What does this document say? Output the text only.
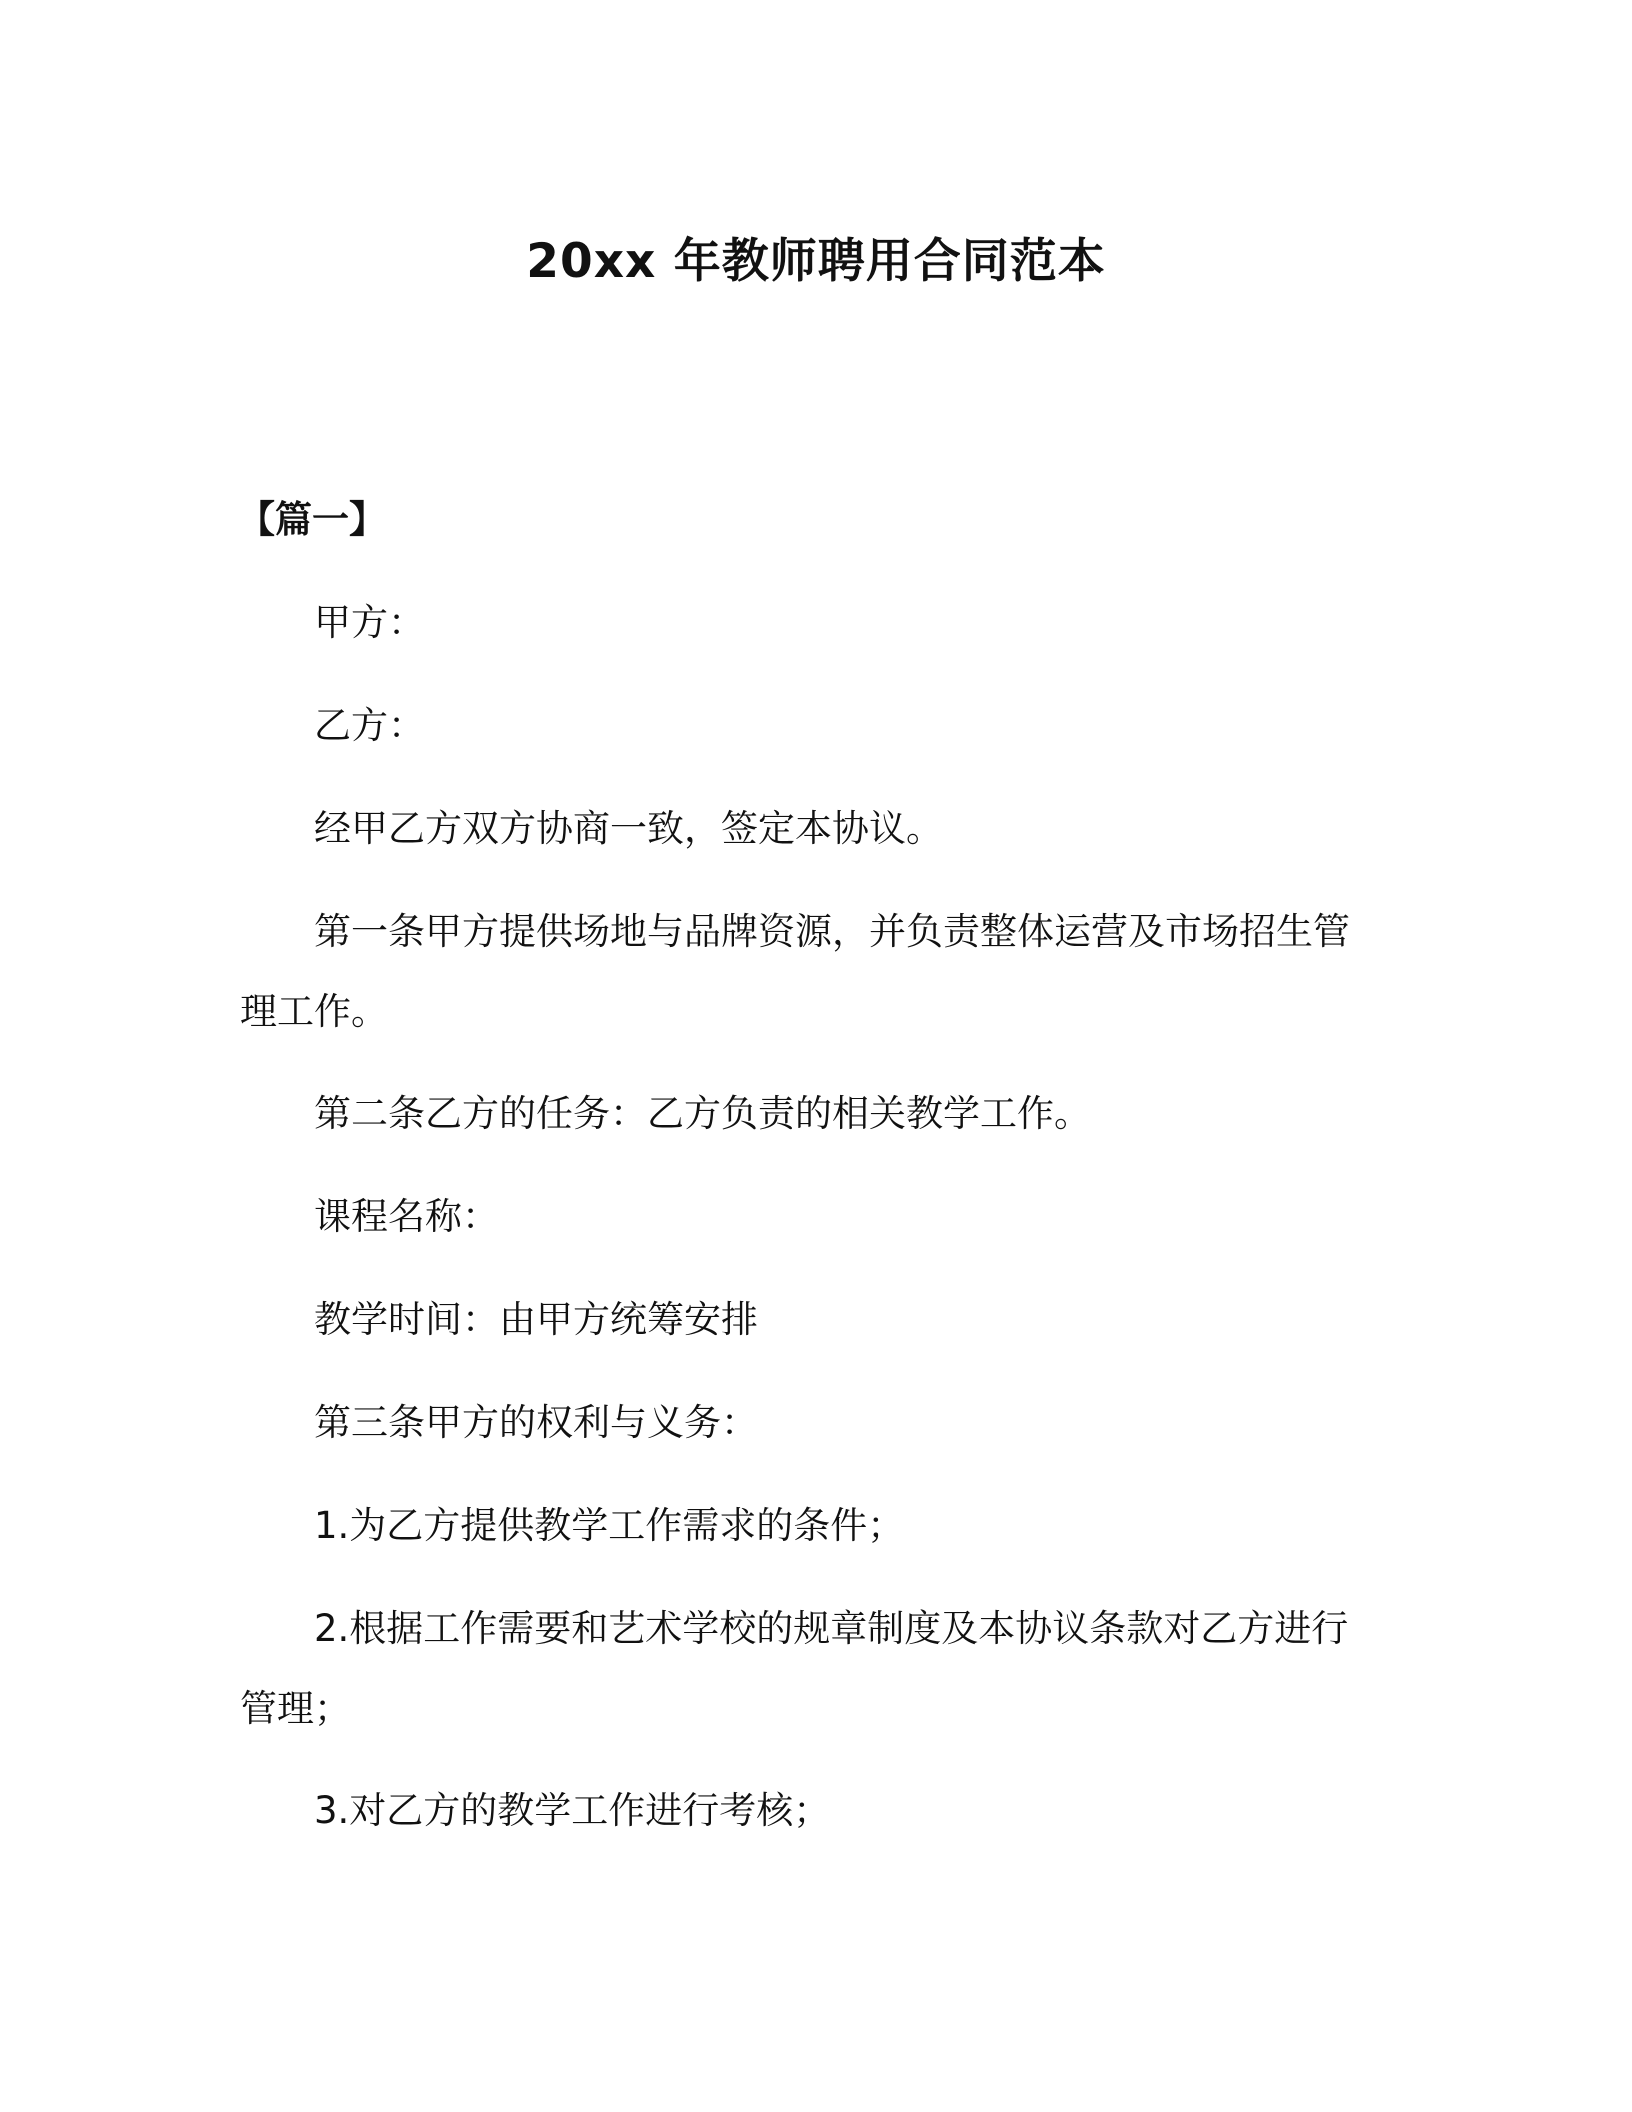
20xx 年教师聘用合同范本
【篇一】
甲方：
乙方：
经甲乙方双方协商一致，签定本协议。
第一条甲方提供场地与品牌资源，并负责整体运营及市场招生管理工作。
第二条乙方的任务：乙方负责的相关教学工作。
课程名称：
教学时间：由甲方统筹安排
第三条甲方的权利与义务：
1.为乙方提供教学工作需求的条件；
2.根据工作需要和艺术学校的规章制度及本协议条款对乙方进行管理；
3.对乙方的教学工作进行考核；
